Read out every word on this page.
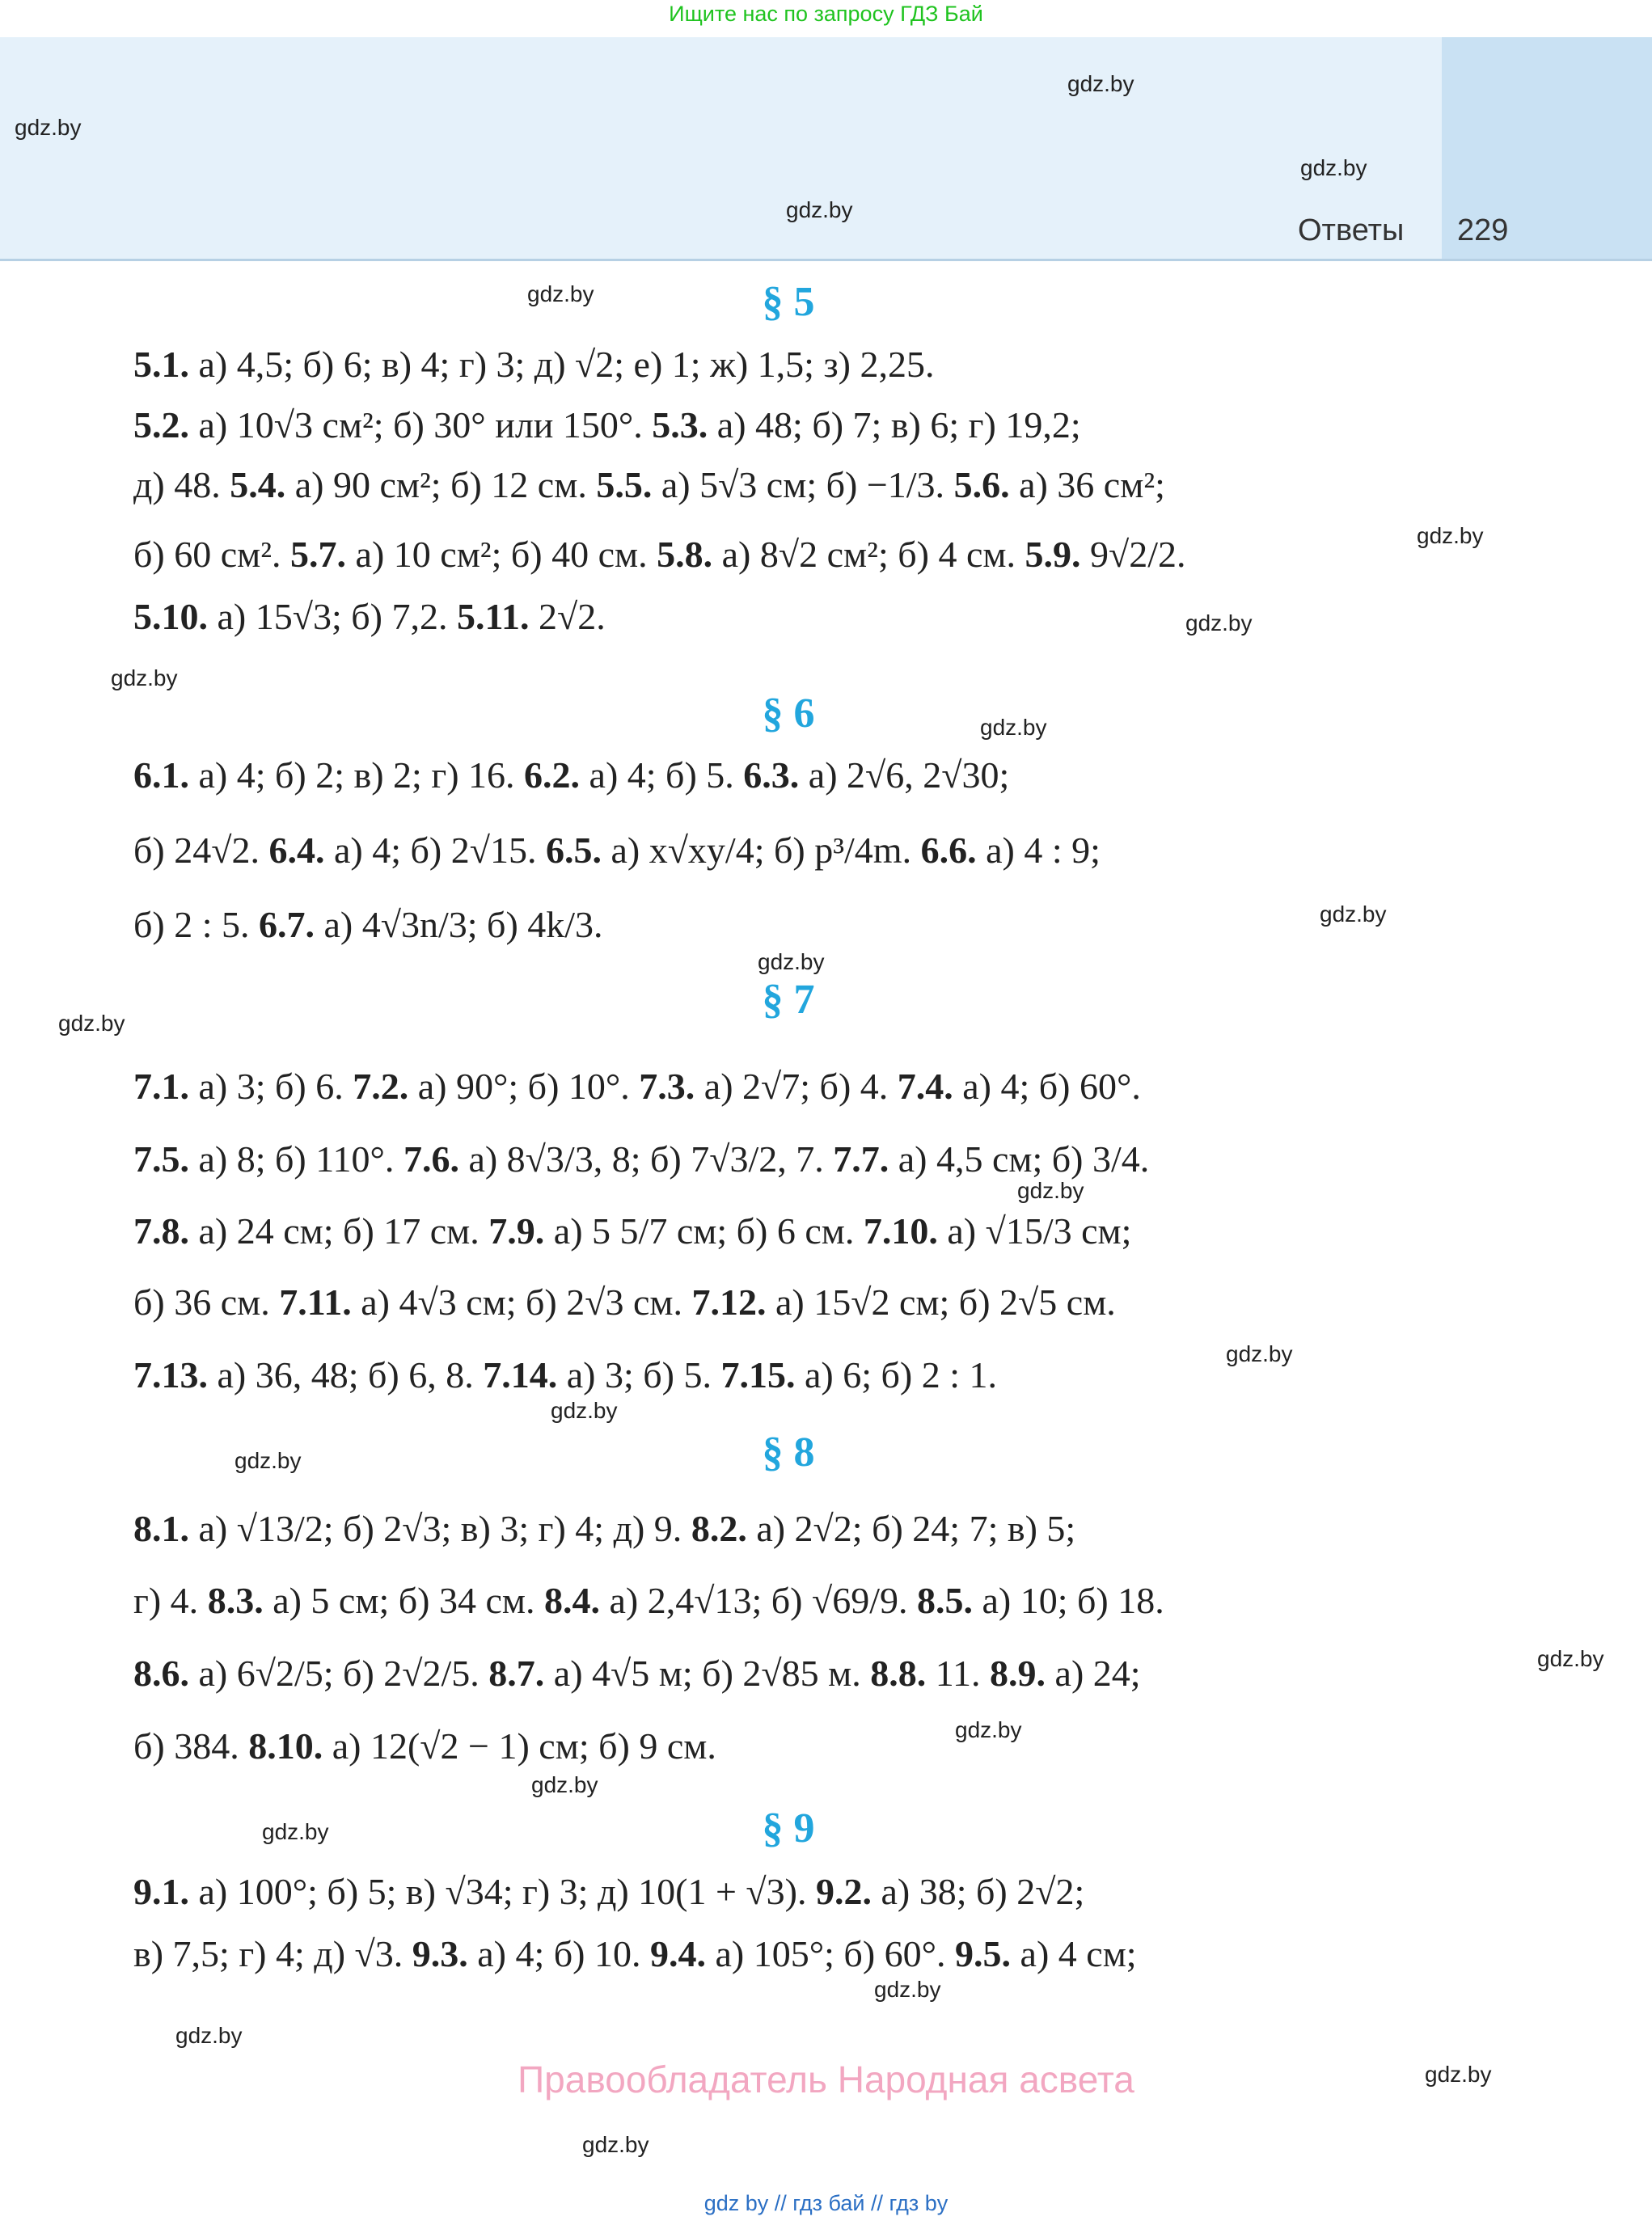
Ищите нас по запросу ГДЗ Бай
Ответы 229
gdz.by
gdz.by
gdz.by
gdz.by
gdz.by
gdz.by
gdz.by
gdz.by
gdz.by
gdz.by
gdz.by
gdz.by
gdz.by
gdz.by
gdz.by
gdz.by
gdz.by
gdz.by
gdz.by
gdz.by
gdz.by
gdz.by
gdz.by
gdz.by
§ 5
5.1. а) 4,5; б) 6; в) 4; г) 3; д) √2; е) 1; ж) 1,5; з) 2,25.
5.2. а) 10√3 см²; б) 30° или 150°. 5.3. а) 48; б) 7; в) 6; г) 19,2;
д) 48. 5.4. а) 90 см²; б) 12 см. 5.5. а) 5√3 см; б) −1/3. 5.6. а) 36 см²;
б) 60 см². 5.7. а) 10 см²; б) 40 см. 5.8. а) 8√2 см²; б) 4 см. 5.9. 9√2/2.
5.10. а) 15√3; б) 7,2. 5.11. 2√2.
§ 6
6.1. а) 4; б) 2; в) 2; г) 16. 6.2. а) 4; б) 5. 6.3. а) 2√6, 2√30;
б) 24√2. 6.4. а) 4; б) 2√15. 6.5. а) x√xy/4; б) p³/4m. 6.6. а) 4 : 9;
б) 2 : 5. 6.7. а) 4√3n/3; б) 4k/3.
§ 7
7.1. а) 3; б) 6. 7.2. а) 90°; б) 10°. 7.3. а) 2√7; б) 4. 7.4. а) 4; б) 60°.
7.5. а) 8; б) 110°. 7.6. а) 8√3/3, 8; б) 7√3/2, 7. 7.7. а) 4,5 см; б) 3/4.
7.8. а) 24 см; б) 17 см. 7.9. а) 5 5/7 см; б) 6 см. 7.10. а) √15/3 см;
б) 36 см. 7.11. а) 4√3 см; б) 2√3 см. 7.12. а) 15√2 см; б) 2√5 см.
7.13. а) 36, 48; б) 6, 8. 7.14. а) 3; б) 5. 7.15. а) 6; б) 2 : 1.
§ 8
8.1. а) √13/2; б) 2√3; в) 3; г) 4; д) 9. 8.2. а) 2√2; б) 24; 7; в) 5;
г) 4. 8.3. а) 5 см; б) 34 см. 8.4. а) 2,4√13; б) √69/9. 8.5. а) 10; б) 18.
8.6. а) 6√2/5; б) 2√2/5. 8.7. а) 4√5 м; б) 2√85 м. 8.8. 11. 8.9. а) 24;
б) 384. 8.10. а) 12(√2 − 1) см; б) 9 см.
§ 9
9.1. а) 100°; б) 5; в) √34; г) 3; д) 10(1 + √3). 9.2. а) 38; б) 2√2;
в) 7,5; г) 4; д) √3. 9.3. а) 4; б) 10. 9.4. а) 105°; б) 60°. 9.5. а) 4 см;
Правообладатель Народная асвета
gdz by // гдз бай // гдз by
